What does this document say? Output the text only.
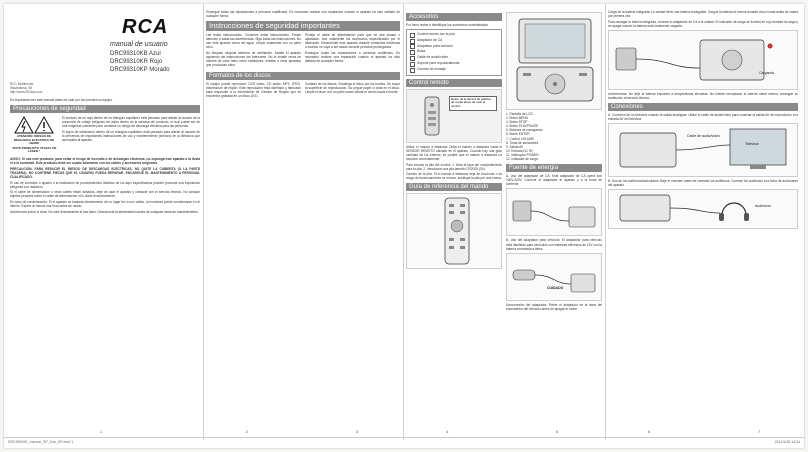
RCA
manual de usuario
DRC99310KB Azul
DRC99310KR Rojo
DRC99310KP Morado
RCC Multimedia
Wauwatosa, WI
http://www.RCAav.com
Es importante leer este manual antes de usar por vez primera su equipo.
Precauciones de seguridad
ATENCIÓN: RIESGO DE DESCARGA ELÉCTRICA NO ABRIR
"ESTE PRODUCTO UTILIZA UN LÁSER."
El símbolo de un rayo dentro de un triángulo equilátero está pensado para alertar al usuario de la presencia de voltaje peligroso sin aislar dentro de la carcasa del producto, el cual puede ser de una magnitud suficiente para constituir un riesgo de descarga eléctrica para las personas.
El signo de admiración dentro de un triángulo equilátero está pensado para alertar al usuario de la presencia de importantes instrucciones de uso y mantenimiento (servicio) en la literatura que acompaña al aparato.
AVISO: Si usa este producto, para evitar el riesgo de incendio o de descargas eléctricas, no exponga este aparato a la lluvia ni a la humedad. Este producto debe ser usado solamente con los cables y accesorios originales.
PRECAUCIÓN: PARA REDUCIR EL RIESGO DE DESCARGAS ELÉCTRICAS, NO QUITE LA CUBIERTA (O LA PARTE TRASERA). NO CONTIENE PIEZAS QUE EL USUARIO PUEDA REPARAR. ENCARGUE EL MANTENIMIENTO A PERSONAL CUALIFICADO.
El uso de controles o ajustes o la realización de procedimientos distintos de los aquí especificados pueden provocar una exposición peligrosa a la radiación.
Si el cable de alimentación u otros cables están dañados, deje de usar el aparato y contacte con el servicio técnico. No coloque objetos pesados sobre el cable de alimentación ni lo doble excesivamente.
En caso de condensación: Si el aparato se traslada directamente de un lugar frío a uno cálido, la humedad puede condensarse en el interior. Espere al menos una hora antes de usarlo.
Advertencia sobre la vista: No mire directamente al haz láser. Desconecte la alimentación antes de cualquier tarea de mantenimiento.
1
Encargue todas las reparaciones a personal cualificado. Es necesario realizar una reparación cuando el aparato ha sido dañado de cualquier forma.
Instrucciones de seguridad importantes
Lea estas instrucciones. Conserve estas instrucciones. Preste atención a todas las advertencias. Siga todas las instrucciones. No use este aparato cerca del agua. Limpie solamente con un paño seco.
No bloquee ninguna abertura de ventilación. Instale el aparato siguiendo las instrucciones del fabricante. No lo instale cerca de fuentes de calor tales como radiadores, estufas u otros aparatos que produzcan calor.
Proteja el cable de alimentación para que no sea pisado o aplastado. Use solamente los accesorios especificados por el fabricante. Desenchufe este aparato durante tormentas eléctricas o cuando no vaya a ser usado durante periodos prolongados.
Encargue todas las reparaciones a personal cualificado. Es necesario realizar una reparación cuando el aparato ha sido dañado de cualquier forma.
Formatos de los discos
El equipo puede reproducir: DVD vídeo, CD audio, MP3, JPEG. Información de región: Este reproductor está diseñado y fabricado para responder a la Información de Gestión de Región que se encuentra grabada en un disco DVD.
Cuidado de los discos: Sostenga el disco por los bordes. No toque la superficie de reproducción. No pegue papel ni cinta en el disco. Limpie el disco con un paño suave desde el centro hacia el borde.
2	3
Accesorios
Por favor revise e identifique los accesorios suministrados.
Control remoto con la pila
Adaptador de CA
Adaptador para vehículo
Bolsa
Cable de audio/vídeo
Soporte para reposacabezas
Correas de montaje
Control remoto
Retire de la lámina de plástico de la pila antes de usar el control.
Utilice el mando a distancia: Dirija el mando a distancia hacia el SENSOR REMOTO ubicado en el aparato. Cuando hay una gran cantidad de luz exterior, es posible que el mando a distancia no funcione correctamente.
Para colocar la pila del control: 1. Abra la tapa del compartimiento para la pila. 2. Introduzca una pila tamaño CR2025 (3V).
Cambio de la pila: Si el mando a distancia deja de funcionar o su rango de funcionamiento se reduce, sustituya la pila por una nueva.
Guía de referencia del mando
1. Pantalla de LCD
2. Botón MENU
3. Botón STOP
4. Botón PLAY/PAUSE
5. Botones de navegación
6. Botón ENTER
7. Control VOLUME
8. Toma de auriculares
9. Salida AV
10. Entrada DC 9V
11. Interruptor POWER
12. Indicador de carga
Fuente de energía
A. Uso del adaptador de CA: Este adaptador de CA opera con 100V-240V. Conecte el adaptador al aparato y a la toma de corriente.
B. Uso del adaptador para vehículo: El adaptador para vehículo está diseñado para vehículos con sistemas eléctricos de 12V con la batería conectada a tierra.
CUIDADO
Desconexión del adaptador: Retire el adaptador de la toma del encendedor del vehículo antes de apagar el motor.
4	5
Carga de la batería integrada: La unidad tiene una batería recargable. Cargue la batería al menos durante cinco horas antes de usarla por primera vez.
Para recargar la batería integrada, conecte el adaptador de CA a la unidad. El indicador de carga se ilumina en rojo durante la carga y se apaga cuando la batería está totalmente cargada.
Cargando
Advertencias: No deje la batería expuesta a temperaturas elevadas. No intente reemplazar la batería usted mismo; encargue su sustitución al servicio técnico.
Conexiones
A. Conexión de un televisor usando la salida analógica: Utilice el cable de audio/vídeo para conectar la salida AV del reproductor a la entrada AV del televisor.
Cable de audio/vídeo
Televisor
B. Uso de los audífonos/auriculares: Baje el volumen antes de conectar los audífonos. Conecte los audífonos a la toma de auriculares del aparato.
Audífonos
6	7
DRC99310K_manual_SP_Sub_KR.indd 1	2012/1/18 14:34
